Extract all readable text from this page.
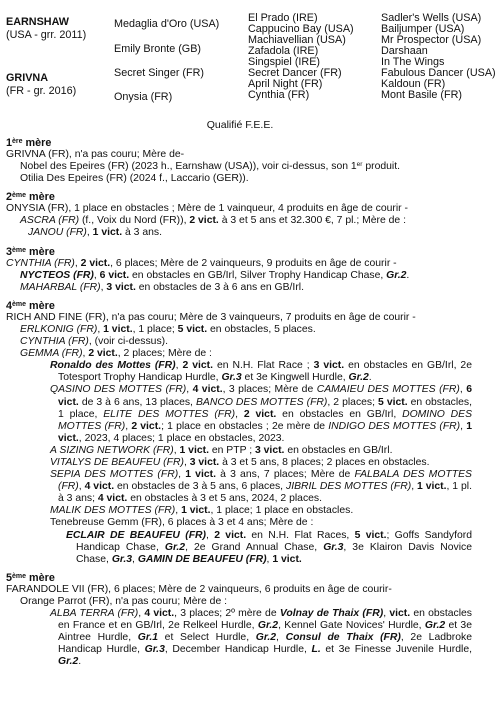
EARNSHAW
(USA - grr. 2011)
GRIVNA
(FR - gr. 2016)
Medaglia d'Oro (USA)
Emily Bronte (GB)
Secret Singer (FR)
Onysia (FR)
El Prado (IRE)
Cappucino Bay (USA)
Machiavellian (USA)
Zafadola (IRE)
Singspiel (IRE)
Secret Dancer (FR)
April Night (FR)
Cynthia (FR)
Sadler's Wells (USA)
Bailjumper (USA)
Mr Prospector (USA)
Darshaan
In The Wings
Fabulous Dancer (USA)
Kaldoun (FR)
Mont Basile (FR)
Qualifié F.E.E.
1ère mère
GRIVNA (FR), n'a pas couru; Mère de-
Nobel des Epeires (FR) (2023 h., Earnshaw (USA)), voir ci-dessus, son 1er produit.
Otilia Des Epeires (FR) (2024 f., Laccario (GER)).
2ème mère
ONYSIA (FR), 1 place en obstacles ; Mère de 1 vainqueur, 4 produits en âge de courir -
ASCRA (FR) (f., Voix du Nord (FR)), 2 vict. à 3 et 5 ans et 32.300 €, 7 pl.; Mère de :
JANOU (FR), 1 vict. à 3 ans.
3ème mère
CYNTHIA (FR), 2 vict., 6 places; Mère de 2 vainqueurs, 9 produits en âge de courir -
NYCTEOS (FR), 6 vict. en obstacles en GB/Irl, Silver Trophy Handicap Chase, Gr.2.
MAHARBAL (FR), 3 vict. en obstacles de 3 à 6 ans en GB/Irl.
4ème mère
RICH AND FINE (FR), n'a pas couru; Mère de 3 vainqueurs, 7 produits en âge de courir -
ERLKONIG (FR), 1 vict., 1 place; 5 vict. en obstacles, 5 places.
CYNTHIA (FR), (voir ci-dessus).
GEMMA (FR), 2 vict., 2 places; Mère de :
Ronaldo des Mottes (FR), 2 vict. en N.H. Flat Race ; 3 vict. en obstacles en GB/Irl, 2e Totesport Trophy Handicap Hurdle, Gr.3 et 3e Kingwell Hurdle, Gr.2.
QASINO DES MOTTES (FR), 4 vict., 3 places; Mère de CAMAIEU DES MOTTES (FR), 6 vict. de 3 à 6 ans, 13 places, BANCO DES MOTTES (FR), 2 places; 5 vict. en obstacles, 1 place, ELITE DES MOTTES (FR), 2 vict. en obstacles en GB/Irl, DOMINO DES MOTTES (FR), 2 vict.; 1 place en obstacles ; 2e mère de INDIGO DES MOTTES (FR), 1 vict., 2023, 4 places; 1 place en obstacles, 2023.
A SIZING NETWORK (FR), 1 vict. en PTP ; 3 vict. en obstacles en GB/Irl.
VITALYS DE BEAUFEU (FR), 3 vict. à 3 et 5 ans, 8 places; 2 places en obstacles.
SEPIA DES MOTTES (FR), 1 vict. à 3 ans, 7 places; Mère de FALBALA DES MOTTES (FR), 4 vict. en obstacles de 3 à 5 ans, 6 places, JIBRIL DES MOTTES (FR), 1 vict., 1 pl. à 3 ans; 4 vict. en obstacles à 3 et 5 ans, 2024, 2 places.
MALIK DES MOTTES (FR), 1 vict., 1 place; 1 place en obstacles.
Tenebreuse Gemm (FR), 6 places à 3 et 4 ans; Mère de :
ECLAIR DE BEAUFEU (FR), 2 vict. en N.H. Flat Races, 5 vict.; Goffs Sandyford Handicap Chase, Gr.2, 2e Grand Annual Chase, Gr.3, 3e Klairon Davis Novice Chase, Gr.3, GAMIN DE BEAUFEU (FR), 1 vict.
5ème mère
FARANDOLE VII (FR), 6 places; Mère de 2 vainqueurs, 6 produits en âge de courir-
Orange Parrot (FR), n'a pas couru; Mère de :
ALBA TERRA (FR), 4 vict., 3 places; 2º mère de Volnay de Thaix (FR), vict. en obstacles en France et en GB/Irl, 2e Relkeel Hurdle, Gr.2, Kennel Gate Novices' Hurdle, Gr.2 et 3e Aintree Hurdle, Gr.1 et Select Hurdle, Gr.2, Consul de Thaix (FR), 2e Ladbroke Handicap Hurdle, Gr.3, December Handicap Hurdle, L. et 3e Finesse Juvenile Hurdle, Gr.2.
